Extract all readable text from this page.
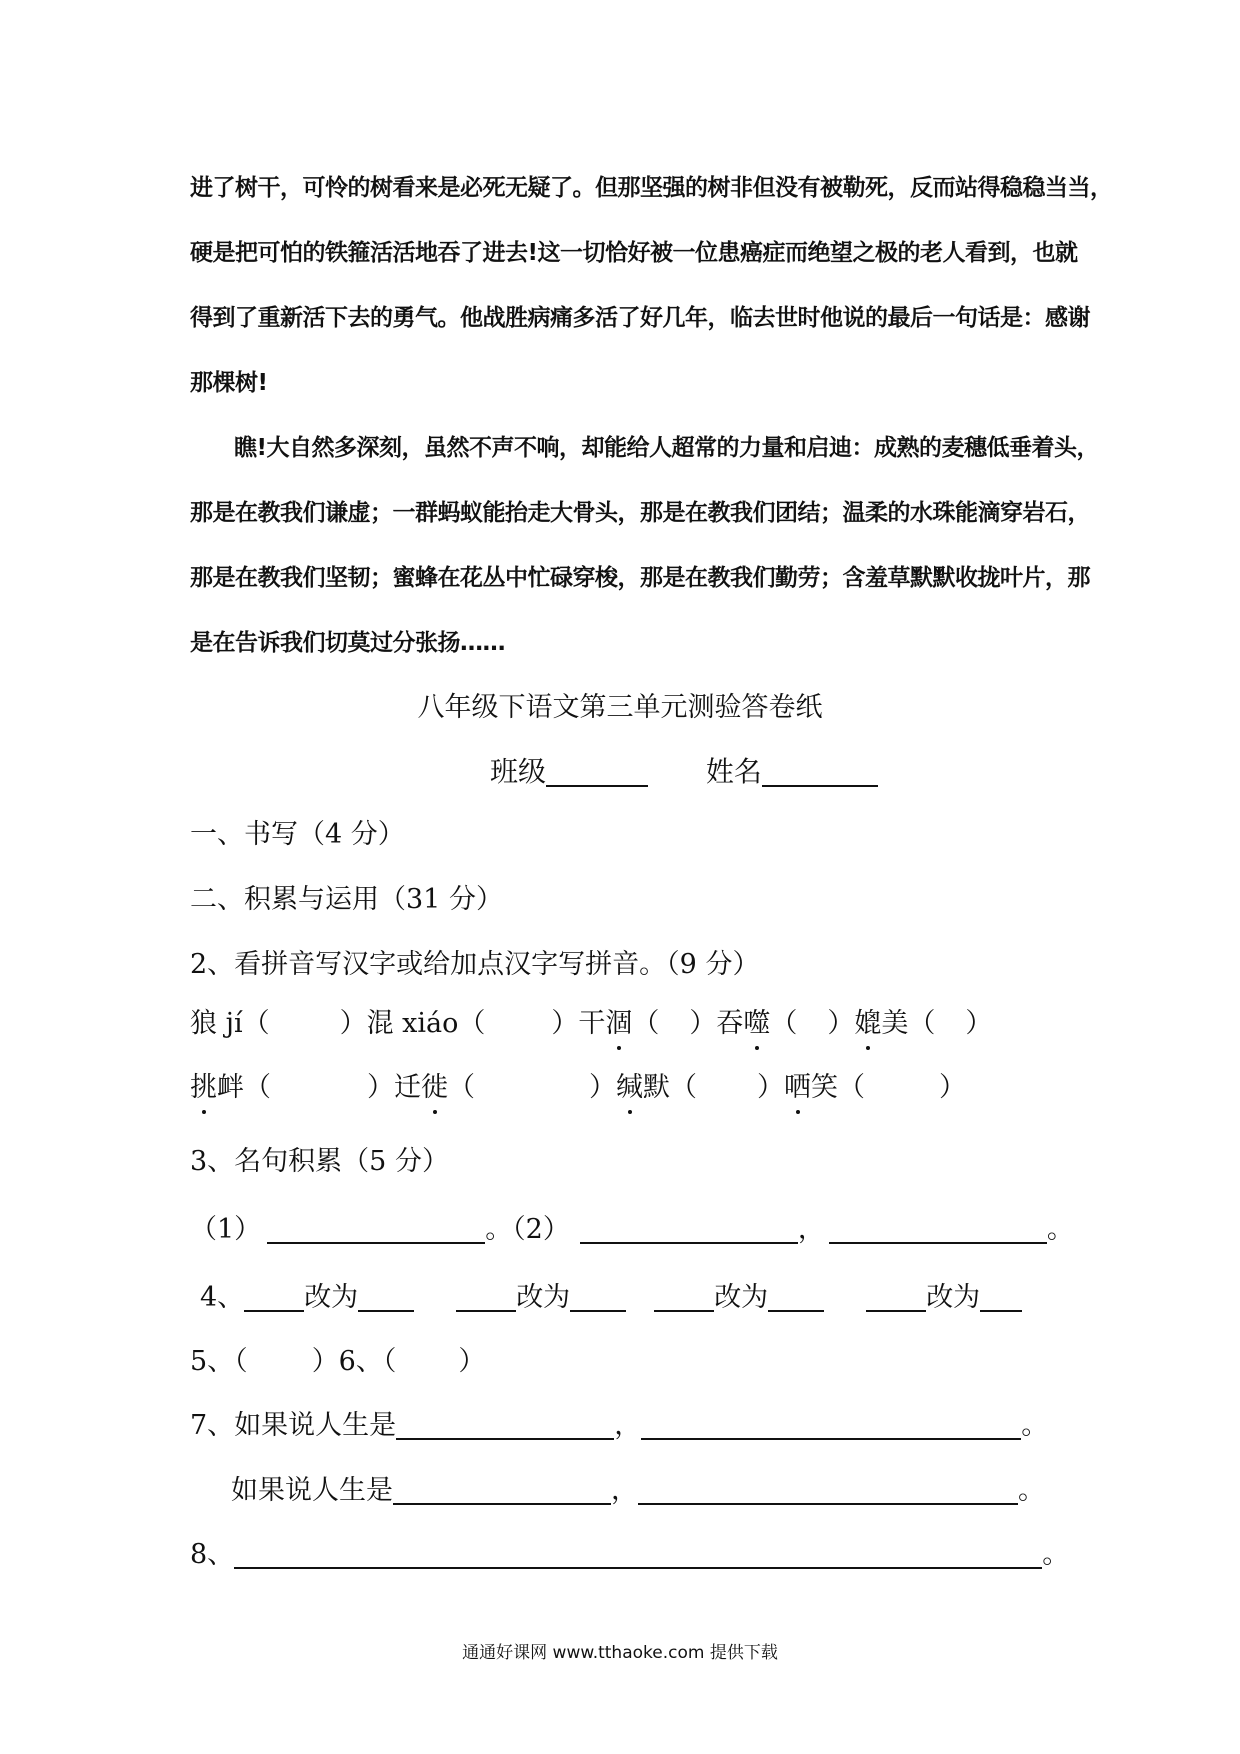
进了树干，可怜的树看来是必死无疑了。但那坚强的树非但没有被勒死，反而站得稳稳当当，

硬是把可怕的铁箍活活地吞了进去!这一切恰好被一位患癌症而绝望之极的老人看到，也就

得到了重新活下去的勇气。他战胜病痛多活了好几年，临去世时他说的最后一句话是：感谢

那棵树!

瞧!大自然多深刻，虽然不声不响，却能给人超常的力量和启迪：成熟的麦穗低垂着头，

那是在教我们谦虚；一群蚂蚁能抬走大骨头，那是在教我们团结；温柔的水珠能滴穿岩石，

那是在教我们坚韧；蜜蜂在花丛中忙碌穿梭，那是在教我们勤劳；含羞草默默收拢叶片，那

是在告诉我们切莫过分张扬……

八年级下语文第三单元测验答卷纸
班级	姓名
一、书写（4 分）
二、积累与运用（31 分）
2、看拼音写汉字或给加点汉字写拼音。（9 分）
狼 jí（	）混 xiáo（ ）干涸（ ）吞噬（ ）媲美（ ）
挑衅（	）迁徙（	）缄默（ ）哂笑（	）
3、名句积累（5 分）
（1）	。（2）	，	。
4、 改为	改为	改为	改为
5、（ ）6、（ ）
7、如果说人生是	，	。
如果说人生是	，	。
8、	。
通通好课网 www.tthaoke.com 提供下载
